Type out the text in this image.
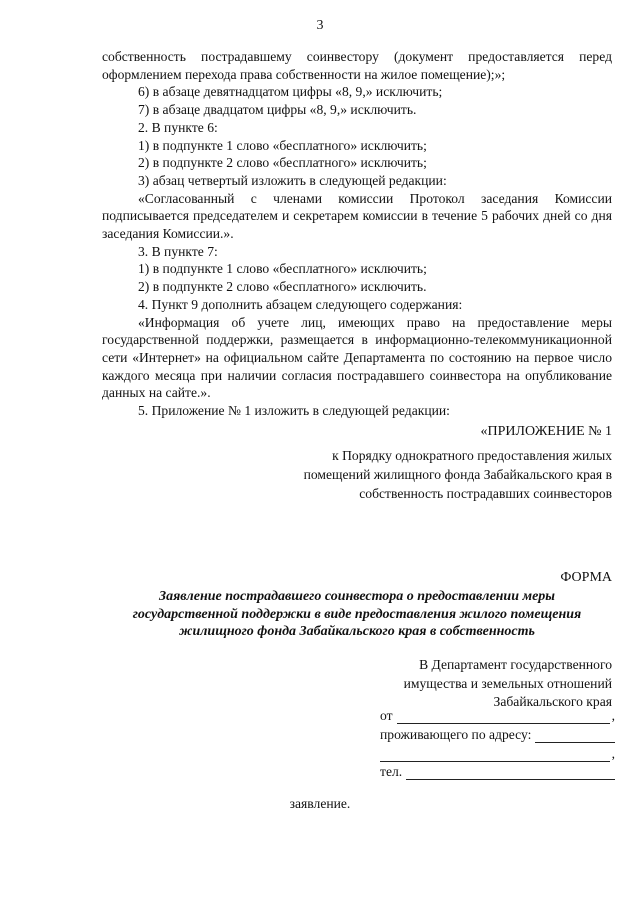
3

собственность пострадавшему соинвестору (документ предоставляется перед оформлением перехода права собственности на жилое помещение);»;

6) в абзаце девятнадцатом цифры «8, 9,» исключить;

7) в абзаце двадцатом цифры «8, 9,» исключить.

2. В пункте 6:

1) в подпункте 1 слово «бесплатного» исключить;

2) в подпункте 2 слово «бесплатного» исключить;

3) абзац четвертый изложить в следующей редакции:

«Согласованный с членами комиссии Протокол заседания Комиссии подписывается председателем и секретарем комиссии в течение 5 рабочих дней со дня заседания Комиссии.».

3. В пункте 7:

1) в подпункте 1 слово «бесплатного» исключить;

2) в подпункте 2 слово «бесплатного» исключить.

4. Пункт 9 дополнить абзацем следующего содержания:

«Информация об учете лиц, имеющих право на предоставление меры государственной поддержки, размещается в информационно-телекоммуникационной сети «Интернет» на официальном сайте Департамента по состоянию на первое число каждого месяца при наличии согласия пострадавшего соинвестора на опубликование данных на сайте.».

5. Приложение № 1 изложить в следующей редакции:

«ПРИЛОЖЕНИЕ № 1
к Порядку однократного предоставления жилых
помещений жилищного фонда Забайкальского края в
собственность пострадавших соинвесторов
ФОРМА
Заявление пострадавшего соинвестора о предоставлении меры
государственной поддержки в виде предоставления жилого помещения
жилищного фонда Забайкальского края в собственность
В Департамент государственного
имущества и земельных отношений
Забайкальского края
от	,
проживающего по адресу:
,
тел.
заявление.
